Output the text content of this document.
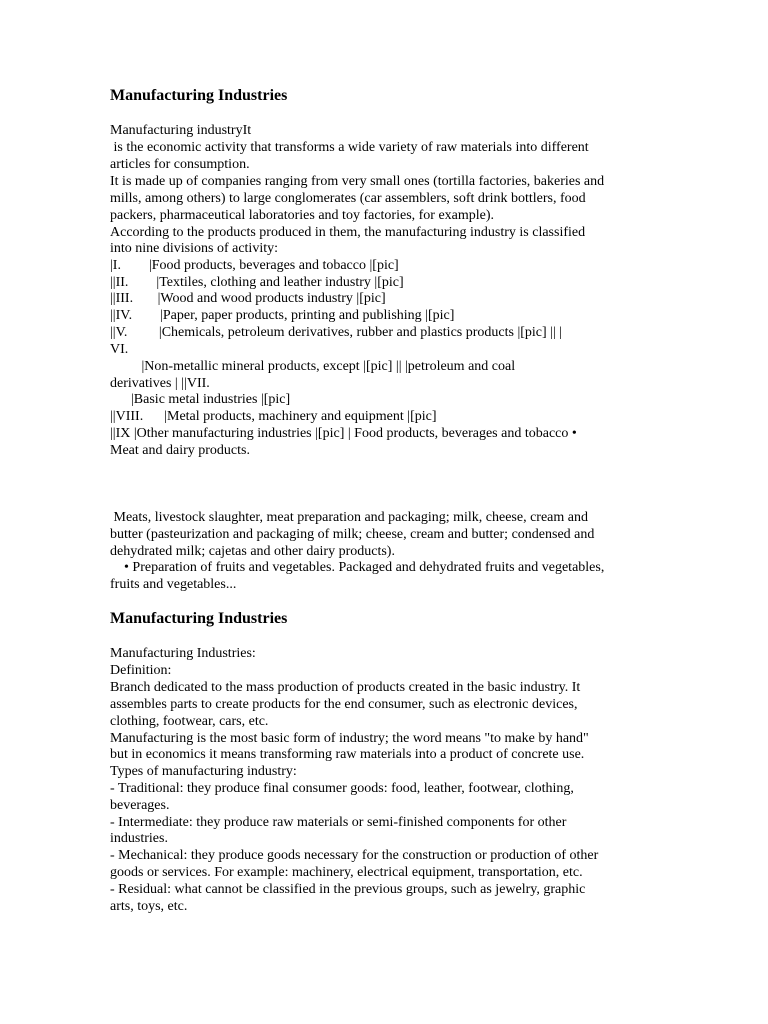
Manufacturing Industries
Manufacturing industryIt
is the economic activity that transforms a wide variety of raw materials into different
articles for consumption.
It is made up of companies ranging from very small ones (tortilla factories, bakeries and
mills, among others) to large conglomerates (car assemblers, soft drink bottlers, food
packers, pharmaceutical laboratories and toy factories, for example).
According to the products produced in them, the manufacturing industry is classified
into nine divisions of activity:
|I.        |Food products, beverages and tobacco |[pic]
||II.        |Textiles, clothing and leather industry |[pic]
||III.       |Wood and wood products industry |[pic]
||IV.        |Paper, paper products, printing and publishing |[pic]
||V.         |Chemicals, petroleum derivatives, rubber and plastics products |[pic] || |
VI.
|Non-metallic mineral products, except |[pic] || |petroleum and coal
derivatives | ||VII.
|Basic metal industries |[pic]
||VIII.      |Metal products, machinery and equipment |[pic]
||IX |Other manufacturing industries |[pic] | Food products, beverages and tobacco •
Meat and dairy products.
Meats, livestock slaughter, meat preparation and packaging; milk, cheese, cream and
butter (pasteurization and packaging of milk; cheese, cream and butter; condensed and
dehydrated milk; cajetas and other dairy products).
• Preparation of fruits and vegetables. Packaged and dehydrated fruits and vegetables,
fruits and vegetables...
Manufacturing Industries
Manufacturing Industries:
Definition:
Branch dedicated to the mass production of products created in the basic industry. It
assembles parts to create products for the end consumer, such as electronic devices,
clothing, footwear, cars, etc.
Manufacturing is the most basic form of industry; the word means "to make by hand"
but in economics it means transforming raw materials into a product of concrete use.
Types of manufacturing industry:
- Traditional: they produce final consumer goods: food, leather, footwear, clothing,
beverages.
- Intermediate: they produce raw materials or semi-finished components for other
industries.
- Mechanical: they produce goods necessary for the construction or production of other
goods or services. For example: machinery, electrical equipment, transportation, etc.
- Residual: what cannot be classified in the previous groups, such as jewelry, graphic
arts, toys, etc.
